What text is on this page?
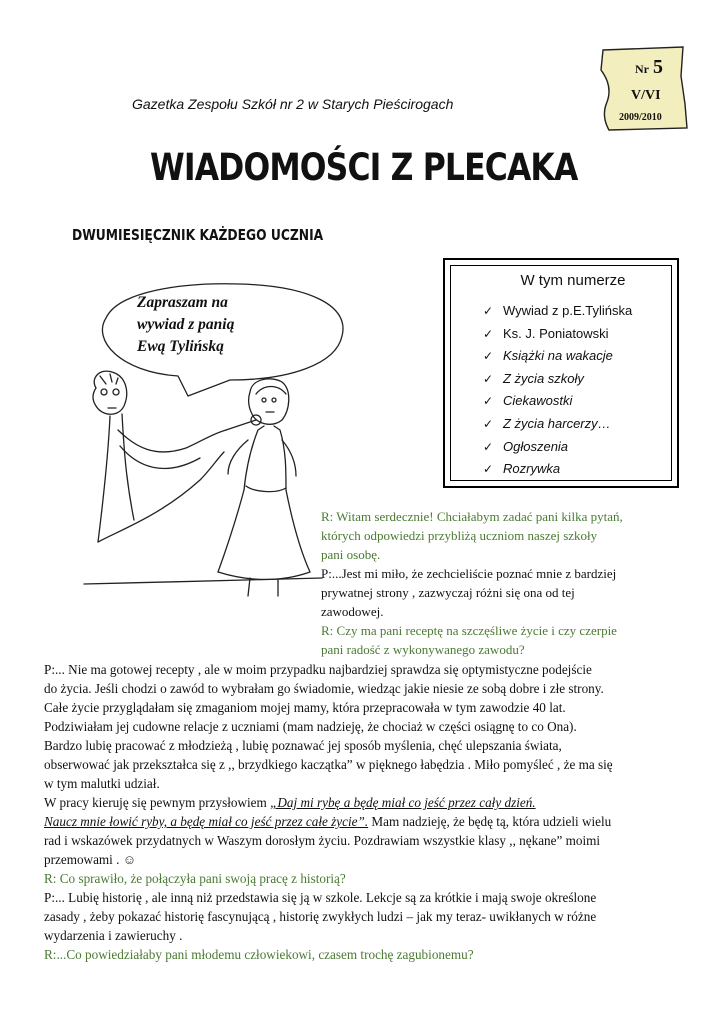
Gazetka Zespołu Szkół nr 2 w Starych Pieścirogach
WIADOMOŚCI Z PLECAKA
DWUMIESIĘCZNIK KAŻDEGO UCZNIA
Nr 5
V/VI
2009/2010
W tym numerze
✓ Wywiad z p.E.Tylińska
✓ Ks. J. Poniatowski
✓ Książki na wakacje
✓ Z życia szkoły
✓ Ciekawostki
✓ Z życia harcerzy…
✓ Ogłoszenia
✓ Rozrywka
Zapraszam na
wywiad z panią
Ewą Tylińską

R: Witam serdecznie! Chciałabym zadać pani kilka pytań,

których odpowiedzi przybliżą uczniom naszej szkoły

pani osobę.

P:...Jest mi miło, że zechcieliście poznać mnie z bardziej

prywatnej strony , zazwyczaj różni się ona od tej

zawodowej.

R: Czy ma pani receptę na szczęśliwe życie i czy czerpie

pani radość z wykonywanego zawodu?

P:... Nie ma gotowej recepty , ale w moim przypadku najbardziej sprawdza się optymistyczne podejście

do życia. Jeśli chodzi o zawód to wybrałam go świadomie, wiedząc jakie niesie ze sobą dobre i złe strony.

Całe życie przyglądałam się zmaganiom mojej mamy, która przepracowała w tym zawodzie 40 lat.

Podziwiałam jej cudowne relacje z uczniami (mam nadzieję, że chociaż w części osiągnę to co Ona).

Bardzo lubię pracować z młodzieżą , lubię poznawać jej sposób myślenia, chęć ulepszania świata,

obserwować jak przekształca się z ,, brzydkiego kaczątka” w pięknego łabędzia . Miło pomyśleć , że ma się

w tym malutki udział.

W pracy kieruję się pewnym przysłowiem „Daj mi rybę a będę miał co jeść przez cały dzień.

Naucz mnie łowić ryby, a będę miał co jeść przez całe życie”. Mam nadzieję, że będę tą, która udzieli wielu

rad i wskazówek przydatnych w Waszym dorosłym życiu. Pozdrawiam wszystkie klasy ,, nękane” moimi

przemowami . ☺

R: Co sprawiło, że połączyła pani swoją pracę z historią?

P:... Lubię historię , ale inną niż przedstawia się ją w szkole. Lekcje są za krótkie i mają swoje określone

zasady , żeby pokazać historię fascynującą , historię zwykłych ludzi – jak my teraz- uwikłanych w różne

wydarzenia i zawieruchy .

R:...Co powiedziałaby pani młodemu człowiekowi, czasem trochę zagubionemu?
